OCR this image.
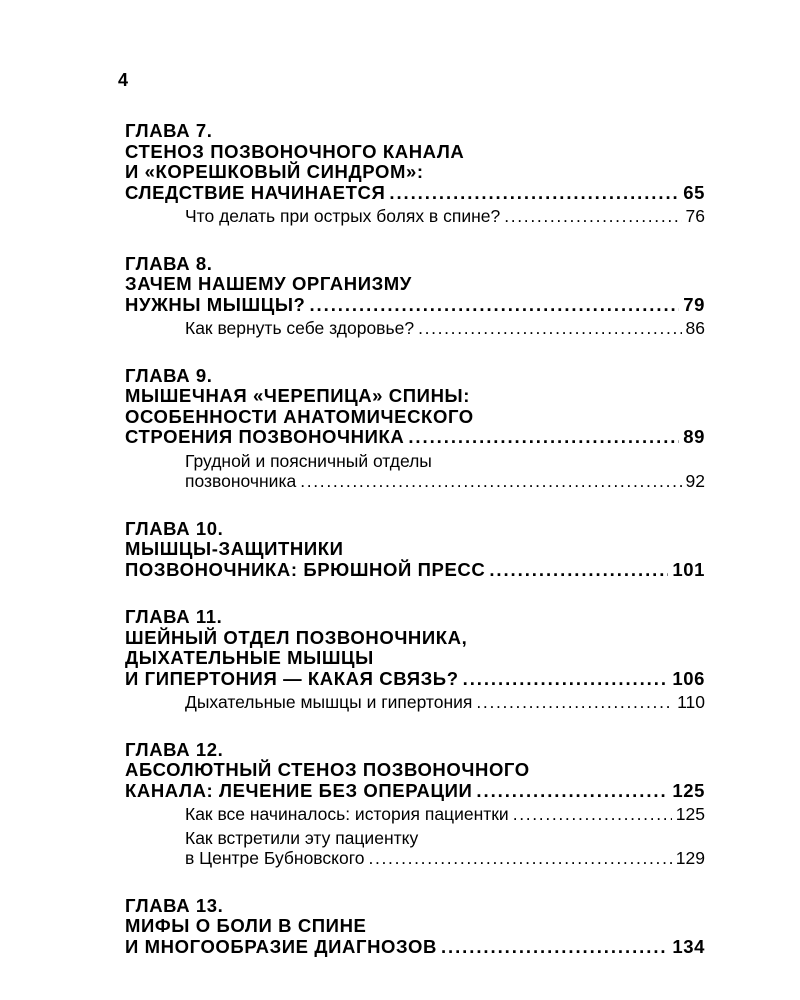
4
ГЛАВА 7.
СТЕНОЗ ПОЗВОНОЧНОГО КАНАЛА
И «КОРЕШКОВЫЙ СИНДРОМ»:
СЛЕДСТВИЕ НАЧИНАЕТСЯ . . .	65
Что делать при острых болях в спине? . . .	76
ГЛАВА 8.
ЗАЧЕМ НАШЕМУ ОРГАНИЗМУ
НУЖНЫ МЫШЦЫ? . . .	79
Как вернуть себе здоровье? . . .	86
ГЛАВА 9.
МЫШЕЧНАЯ «ЧЕРЕПИЦА» СПИНЫ:
ОСОБЕННОСТИ АНАТОМИЧЕСКОГО
СТРОЕНИЯ ПОЗВОНОЧНИКА . . .	89
Грудной и поясничный отделы
позвоночника . . .	92
ГЛАВА 10.
МЫШЦЫ-ЗАЩИТНИКИ
ПОЗВОНОЧНИКА: БРЮШНОЙ ПРЕСС . . .	101
ГЛАВА 11.
ШЕЙНЫЙ ОТДЕЛ ПОЗВОНОЧНИКА,
ДЫХАТЕЛЬНЫЕ МЫШЦЫ
И ГИПЕРТОНИЯ — КАКАЯ СВЯЗЬ? . . .	106
Дыхательные мышцы и гипертония . . .	110
ГЛАВА 12.
АБСОЛЮТНЫЙ СТЕНОЗ ПОЗВОНОЧНОГО
КАНАЛА: ЛЕЧЕНИЕ БЕЗ ОПЕРАЦИИ . . .	125
Как все начиналось: история пациентки . . .	125
Как встретили эту пациентку
в Центре Бубновского . . .	129
ГЛАВА 13.
МИФЫ О БОЛИ В СПИНЕ
И МНОГООБРАЗИЕ ДИАГНОЗОВ . . .	134
